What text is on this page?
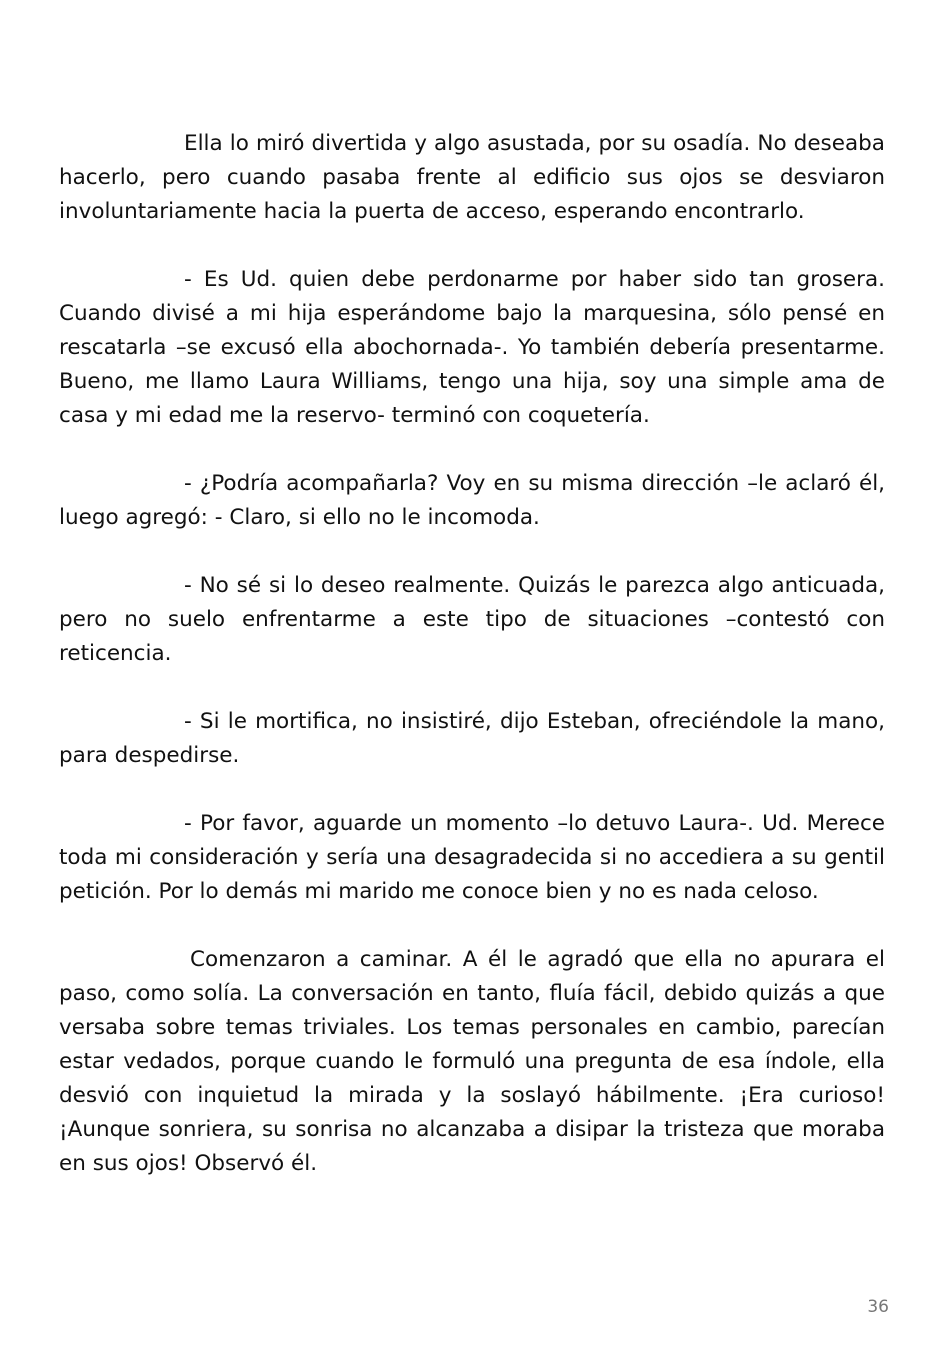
Ella lo miró divertida y algo asustada, por su osadía. No deseaba hacerlo, pero cuando pasaba frente al edificio sus ojos se desviaron involuntariamente hacia la puerta de acceso, esperando encontrarlo.

- Es Ud. quien debe perdonarme por haber sido tan grosera. Cuando divisé a mi hija esperándome bajo la marquesina, sólo pensé en rescatarla –se excusó ella abochornada-. Yo también debería presentarme. Bueno, me llamo Laura Williams, tengo una hija, soy una simple ama de casa y mi edad me la reservo- terminó con coquetería.

- ¿Podría acompañarla? Voy en su misma dirección –le aclaró él, luego agregó: - Claro, si ello no le incomoda.

- No sé si lo deseo realmente. Quizás le parezca algo anticuada, pero no suelo enfrentarme a este tipo de situaciones –contestó con reticencia.

- Si le mortifica, no insistiré, dijo Esteban, ofreciéndole la mano, para despedirse.

- Por favor, aguarde un momento –lo detuvo Laura-. Ud. Merece toda mi consideración y sería una desagradecida si no accediera a su gentil petición. Por lo demás mi marido me conoce bien y no es nada celoso.

Comenzaron a caminar. A él le agradó que ella no apurara el paso, como solía. La conversación en tanto, fluía fácil, debido quizás a que versaba sobre temas triviales. Los temas personales en cambio, parecían estar vedados, porque cuando le formuló una pregunta de esa índole, ella desvió con inquietud la mirada y la soslayó hábilmente. ¡Era curioso! ¡Aunque sonriera, su sonrisa no alcanzaba a disipar la tristeza que moraba en sus ojos! Observó él.

36
